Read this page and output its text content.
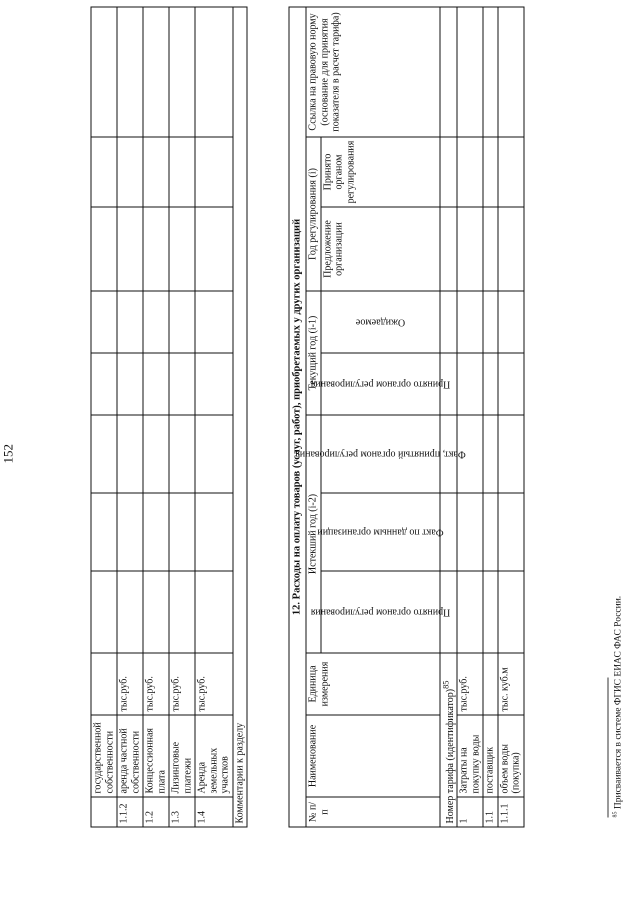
152
	государственной собственности									
1.1.2	аренда частной собственности	тыс.руб.								
1.2	Концессионная плата	тыс.руб.								
1.3	Лизинговые платежи	тыс.руб.								
1.4	Аренда земельных участков	тыс.руб.								
Комментарии к разделу										
12. Расходы на оплату товаров (услуг, работ), приобретаемых у других организаций										
№ п/п	Наименование	Единица измерения	Истекший год (i-2)			Текущий год (i-1)		Год регулирования (i)		Ссылка на правовую норму (основание для принятия показателя в расчет тарифа)

			Принято органом регулирования	Факт по данным организации	Факт, принятый органом регулирования	Принято органом регулирования	Ожидаемое	Предложение организации	Принято органом регулирования	
Номер тарифа (идентификатор)$^{85}$								
1	Затраты на покупку воды	тыс.руб.								
1.1	поставщик									
1.1.1	объем воды (покупка)	тыс. куб.м								
$^{85}$ Присваивается в системе ФГИС ЕИАС ФАС России.
